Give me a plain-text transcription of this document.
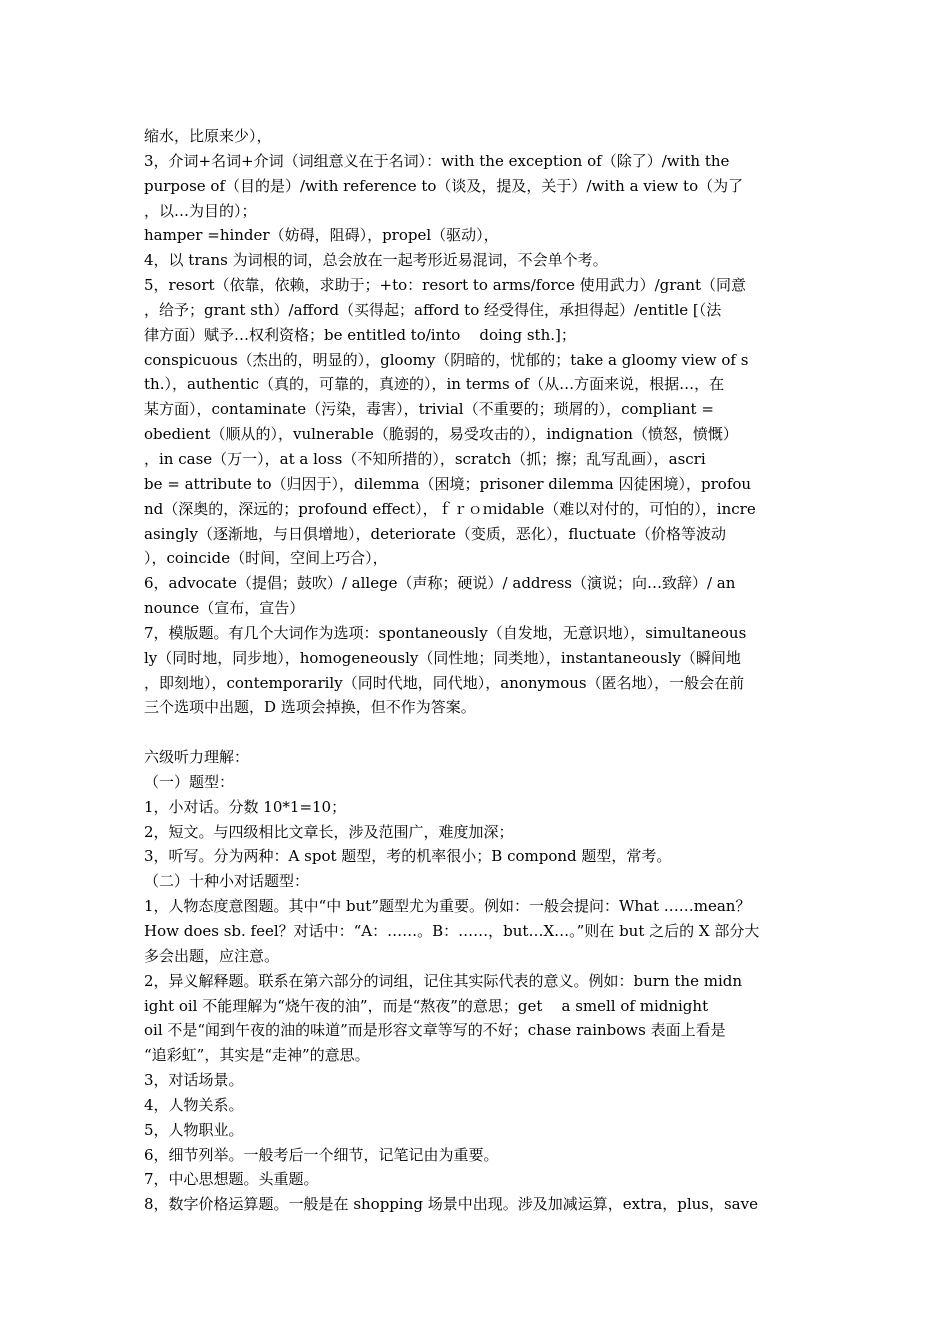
缩水，比原来少），
3，介词+名词+介词（词组意义在于名词）：with the exception of（除了）/with the
purpose of（目的是）/with reference to（谈及，提及，关于）/with a view to（为了
，以…为目的）；
hamper =hinder（妨碍，阻碍），propel（驱动），
4，以 trans 为词根的词，总会放在一起考形近易混词，不会单个考。
5，resort（依靠，依赖，求助于；+to：resort to arms/force 使用武力）/grant（同意
，给予；grant sth）/afford（买得起；afford to 经受得住，承担得起）/entitle [（法
律方面）赋予…权利资格；be entitled to/into    doing sth.]；
conspicuous（杰出的，明显的），gloomy（阴暗的，忧郁的；take a gloomy view of s
th.），authentic（真的，可靠的，真迹的），in terms of（从…方面来说，根据…，在
某方面），contaminate（污染，毒害），trivial（不重要的；琐屑的），compliant =
obedient（顺从的），vulnerable（脆弱的，易受攻击的），indignation（愤怒，愤慨）
，in case（万一），at a loss（不知所措的），scratch（抓；擦；乱写乱画），ascri
be = attribute to（归因于），dilemma（困境；prisoner dilemma 囚徒困境），profou
nd（深奥的，深远的；profound effect），ｆｒｏｍidable（难以对付的，可怕的），incre
asingly（逐渐地，与日俱增地），deteriorate（变质，恶化），fluctuate（价格等波动
），coincide（时间，空间上巧合），
6，advocate（提倡；鼓吹）/ allege（声称；硬说）/ address（演说；向…致辞）/ an
nounce（宣布，宣告）
7，模版题。有几个大词作为选项：spontaneously（自发地，无意识地），simultaneous
ly（同时地，同步地），homogeneously（同性地；同类地），instantaneously（瞬间地
，即刻地），contemporarily（同时代地，同代地），anonymous（匿名地），一般会在前
三个选项中出题，D 选项会掉换，但不作为答案。
六级听力理解：
（一）题型：
1，小对话。分数 10*1=10；
2，短文。与四级相比文章长，涉及范围广，难度加深；
3，听写。分为两种：A spot 题型，考的机率很小；B compond 题型，常考。
（二）十种小对话题型：
1，人物态度意图题。其中“中 but”题型尤为重要。例如：一般会提问：What ……mean？
How does sb. feel？对话中：“A：……。B：……，but…X…。”则在 but 之后的 X 部分大
多会出题，应注意。
2，异义解释题。联系在第六部分的词组，记住其实际代表的意义。例如：burn the midn
ight oil 不能理解为“烧午夜的油”，而是“熬夜”的意思；get    a smell of midnight
oil 不是“闻到午夜的油的味道”而是形容文章等写的不好；chase rainbows 表面上看是
“追彩虹”，其实是“走神”的意思。
3，对话场景。
4，人物关系。
5，人物职业。
6，细节列举。一般考后一个细节，记笔记由为重要。
7，中心思想题。头重题。
8，数字价格运算题。一般是在 shopping 场景中出现。涉及加减运算，extra，plus，save
